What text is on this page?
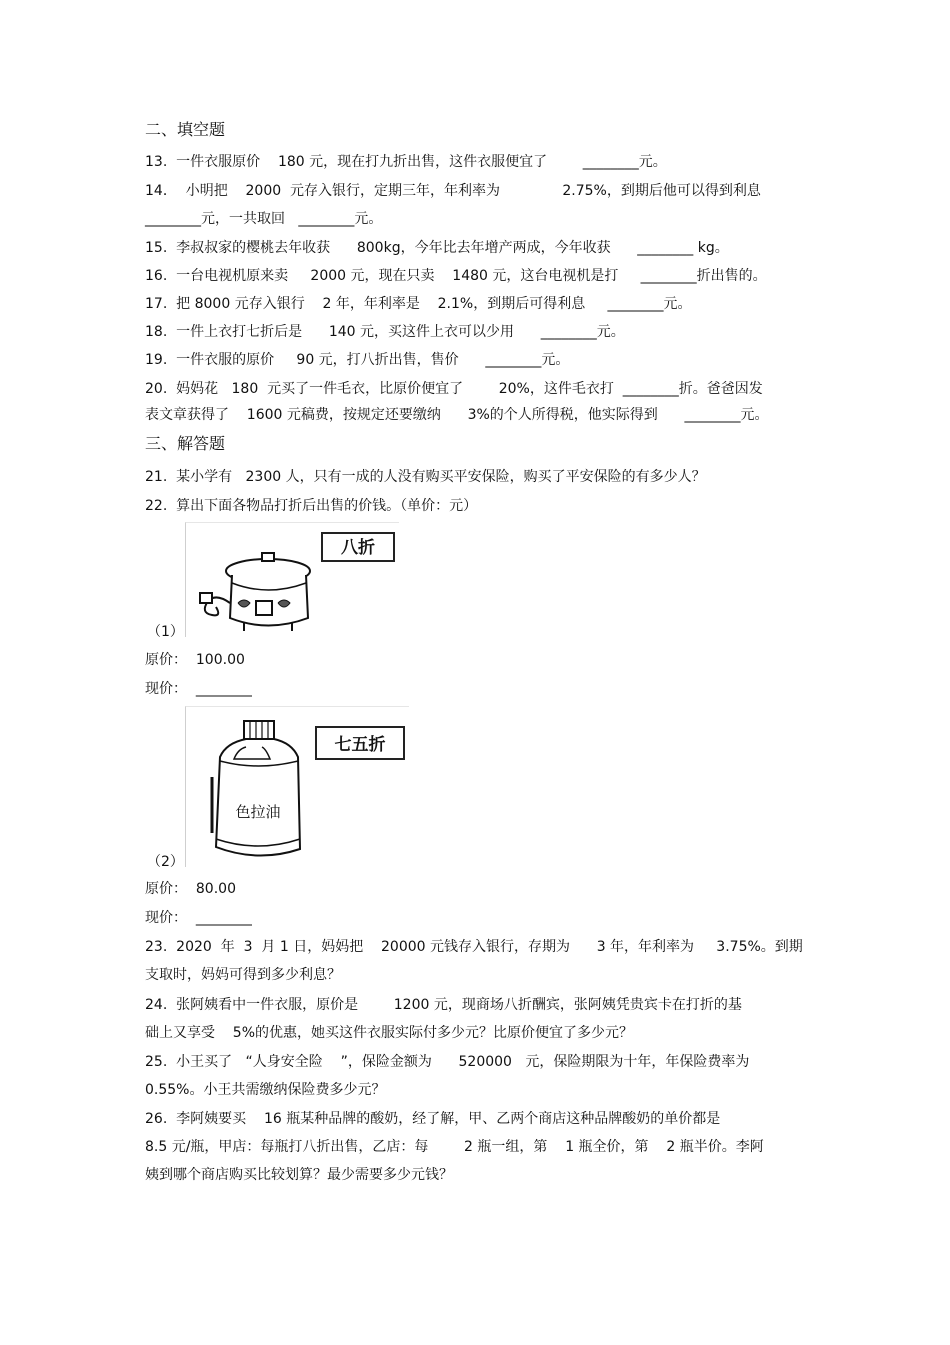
二、填空题
13.  一件衣服原价    180 元，现在打九折出售，这件衣服便宜了        ________元。
14．  小明把    2000  元存入银行，定期三年，年利率为              2.75%，到期后他可以得到利息
________元，一共取回   ________元。
15.  李叔叔家的樱桃去年收获      800kg，今年比去年增产两成，今年收获      ________ kg。
16.  一台电视机原来卖     2000 元，现在只卖    1480 元，这台电视机是打     ________折出售的。
17.  把 8000 元存入银行    2 年，年利率是    2.1%，到期后可得利息     ________元。
18.  一件上衣打七折后是      140 元，买这件上衣可以少用      ________元。
19.  一件衣服的原价     90 元，打八折出售，售价      ________元。
20.  妈妈花   180  元买了一件毛衣，比原价便宜了        20%，这件毛衣打  ________折。爸爸因发
表文章获得了    1600 元稿费，按规定还要缴纳      3%的个人所得税，他实际得到      ________元。
三、解答题
21.  某小学有   2300 人，只有一成的人没有购买平安保险，购买了平安保险的有多少人？
22.  算出下面各物品打折后出售的价钱。（单价：元）
八折
（1）
原价：  100.00
现价：  ________
七五折
色拉油
（2）
原价：  80.00
现价：  ________
23.  2020  年  3  月 1 日，妈妈把    20000 元钱存入银行，存期为      3 年，年利率为     3.75%。到期
支取时，妈妈可得到多少利息？
24.  张阿姨看中一件衣服，原价是        1200 元，现商场八折酬宾，张阿姨凭贵宾卡在打折的基
础上又享受    5%的优惠，她买这件衣服实际付多少元？比原价便宜了多少元？
25.  小王买了   “人身安全险    ”，保险金额为      520000   元，保险期限为十年，年保险费率为
0.55%。小王共需缴纳保险费多少元？
26.  李阿姨要买    16 瓶某种品牌的酸奶，经了解，甲、乙两个商店这种品牌酸奶的单价都是
8.5 元/瓶，甲店：每瓶打八折出售，乙店：每        2 瓶一组，第    1 瓶全价，第    2 瓶半价。李阿
姨到哪个商店购买比较划算？最少需要多少元钱？
